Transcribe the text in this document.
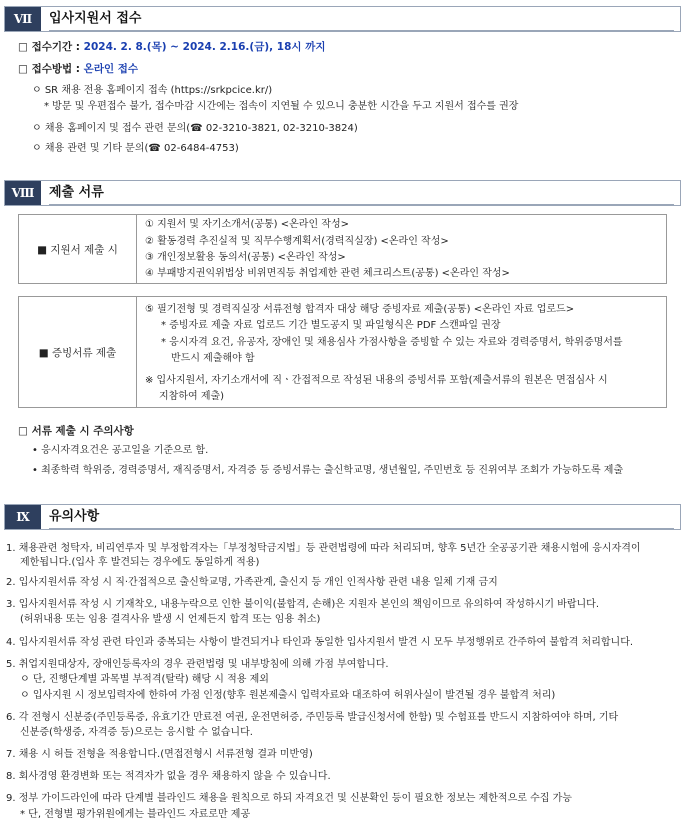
Ⅶ	입사지원서 접수
□ 접수기간 : 2024. 2. 8.(목) ~ 2024. 2.16.(금), 18시 까지
□ 접수방법 : 온라인 접수
ㅇ SR 채용 전용 홈페이지 접속 (https://srkpcice.kr/)
* 방문 및 우편접수 불가, 접수마감 시간에는 접속이 지연될 수 있으니 충분한 시간을 두고 지원서 접수를 권장
ㅇ 채용 홈페이지 및 접수 관련 문의(☎ 02-3210-3821, 02-3210-3824)
ㅇ 채용 관련 및 기타 문의(☎ 02-6484-4753)
Ⅷ	제출 서류
■ 지원서 제출 시
① 지원서 및 자기소개서(공통) <온라인 작성>
② 활동경력 추진실적 및 직무수행계획서(경력직실장) <온라인 작성>
③ 개인정보활용 동의서(공통) <온라인 작성>
④ 부패방지권익위법상 비위면직등 취업제한 관련 체크리스트(공통) <온라인 작성>
■ 증빙서류 제출
⑤ 필기전형 및 경력직실장 서류전형 합격자 대상 해당 증빙자료 제출(공통) <온라인 자료 업로드>
* 증빙자료 제출 자료 업로드 기간 별도공지 및 파일형식은 PDF 스캔파일 권장
* 응시자격 요건, 유공자, 장애인 및 채용심사 가점사항을 증빙할 수 있는 자료와 경력증명서, 학위증명서를
반드시 제출해야 함
※ 입사지원서, 자기소개서에 직ㆍ간접적으로 작성된 내용의 증빙서류 포함(제출서류의 원본은 면접심사 시
지참하여 제출)
□ 서류 제출 시 주의사항
• 응시자격요건은 공고일을 기준으로 함.
• 최종학력 학위증, 경력증명서, 재직증명서, 자격증 등 증빙서류는 출신학교명, 생년월일, 주민번호 등 진위여부 조회가 가능하도록 제출
Ⅸ	유의사항
1. 채용관련 청탁자, 비리연루자 및 부정합격자는「부정청탁금지법」등 관련법령에 따라 처리되며, 향후 5년간 全공공기관 채용시험에 응시자격이
제한됩니다.(입사 후 발견되는 경우에도 동일하게 적용)
2. 입사지원서류 작성 시 직·간접적으로 출신학교명, 가족관계, 출신지 등 개인 인적사항 관련 내용 일체 기재 금지
3. 입사지원서류 작성 시 기재착오, 내용누락으로 인한 불이익(불합격, 손해)은 지원자 본인의 책임이므로 유의하여 작성하시기 바랍니다.
(허위내용 또는 임용 결격사유 발생 시 언제든지 합격 또는 임용 취소)
4. 입사지원서류 작성 관련 타인과 중복되는 사항이 발견되거나 타인과 동일한 입사지원서 발견 시 모두 부정행위로 간주하여 불합격 처리합니다.
5. 취업지원대상자, 장애인등록자의 경우 관련법령 및 내부방침에 의해 가점 부여합니다.
ㅇ 단, 진행단계별 과목별 부적격(탈락) 해당 시 적용 제외
ㅇ 입사지원 시 정보입력자에 한하여 가점 인정(향후 원본제출시 입력자료와 대조하여 허위사실이 발견될 경우 불합격 처리)
6. 각 전형시 신분증(주민등록증, 유효기간 만료전 여권, 운전면허증, 주민등록 발급신청서에 한함) 및 수험표를 반드시 지참하여야 하며, 기타
신분증(학생증, 자격증 등)으로는 응시할 수 없습니다.
7. 채용 시 허들 전형을 적용합니다.(면접전형시 서류전형 결과 미반영)
8. 회사경영 환경변화 또는 적격자가 없을 경우 채용하지 않을 수 있습니다.
9. 정부 가이드라인에 따라 단계별 블라인드 채용을 원칙으로 하되 자격요건 및 신분확인 등이 필요한 정보는 제한적으로 수집 가능
* 단, 전형별 평가위원에게는 블라인드 자료로만 제공
